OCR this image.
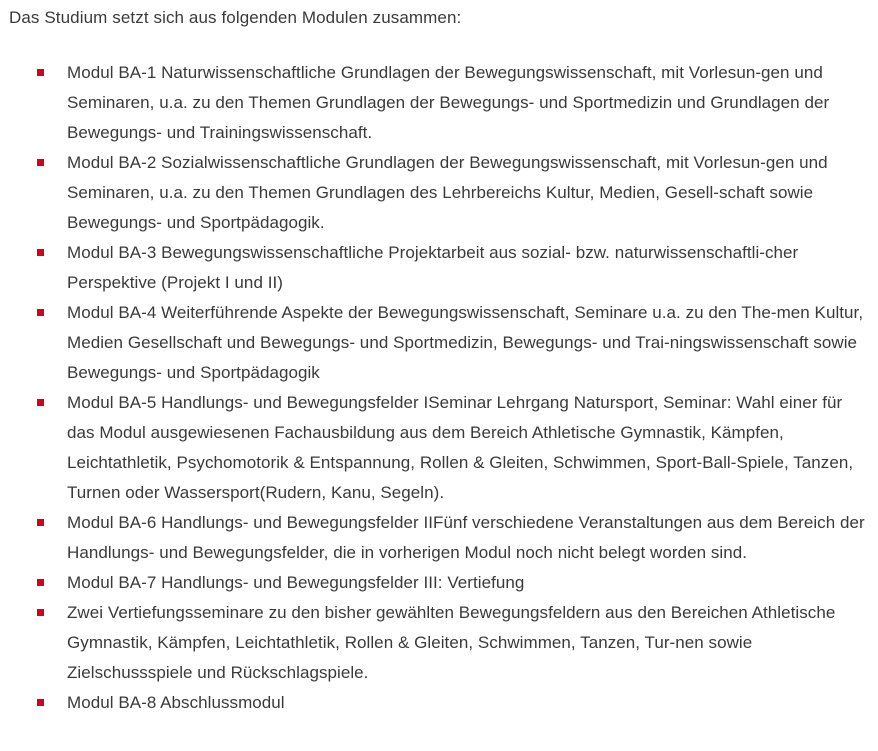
Das Studium setzt sich aus folgenden Modulen zusammen:

Modul BA-1 Naturwissenschaftliche Grundlagen der Bewegungswissenschaft, mit Vorlesun-gen und Seminaren, u.a. zu den Themen Grundlagen der Bewegungs- und Sportmedizin und Grundlagen der Bewegungs- und Trainingswissenschaft.
Modul BA-2 Sozialwissenschaftliche Grundlagen der Bewegungswissenschaft, mit Vorlesun-gen und Seminaren, u.a. zu den Themen Grundlagen des Lehrbereichs Kultur, Medien, Gesell-schaft sowie Bewegungs- und Sportpädagogik.
Modul BA-3 Bewegungswissenschaftliche Projektarbeit aus sozial- bzw. naturwissenschaftli-cher Perspektive (Projekt I und II)
Modul BA-4 Weiterführende Aspekte der Bewegungswissenschaft, Seminare u.a. zu den The-men Kultur, Medien Gesellschaft und Bewegungs- und Sportmedizin, Bewegungs- und Trai-ningswissenschaft sowie Bewegungs- und Sportpädagogik
Modul BA-5 Handlungs- und Bewegungsfelder ISeminar Lehrgang Natursport, Seminar: Wahl einer für das Modul ausgewiesenen Fachausbildung aus dem Bereich Athletische Gymnastik, Kämpfen, Leichtathletik, Psychomotorik & Entspannung, Rollen & Gleiten, Schwimmen, Sport-Ball-Spiele, Tanzen, Turnen oder Wassersport(Rudern, Kanu, Segeln).
Modul BA-6 Handlungs- und Bewegungsfelder IIFünf verschiedene Veranstaltungen aus dem Bereich der Handlungs- und Bewegungsfelder, die in vorherigen Modul noch nicht belegt worden sind.
Modul BA-7 Handlungs- und Bewegungsfelder III: Vertiefung
Zwei Vertiefungsseminare zu den bisher gewählten Bewegungsfeldern aus den Bereichen Athletische Gymnastik, Kämpfen, Leichtathletik, Rollen & Gleiten, Schwimmen, Tanzen, Tur-nen sowie Zielschussspiele und Rückschlagspiele.
Modul BA-8 Abschlussmodul
